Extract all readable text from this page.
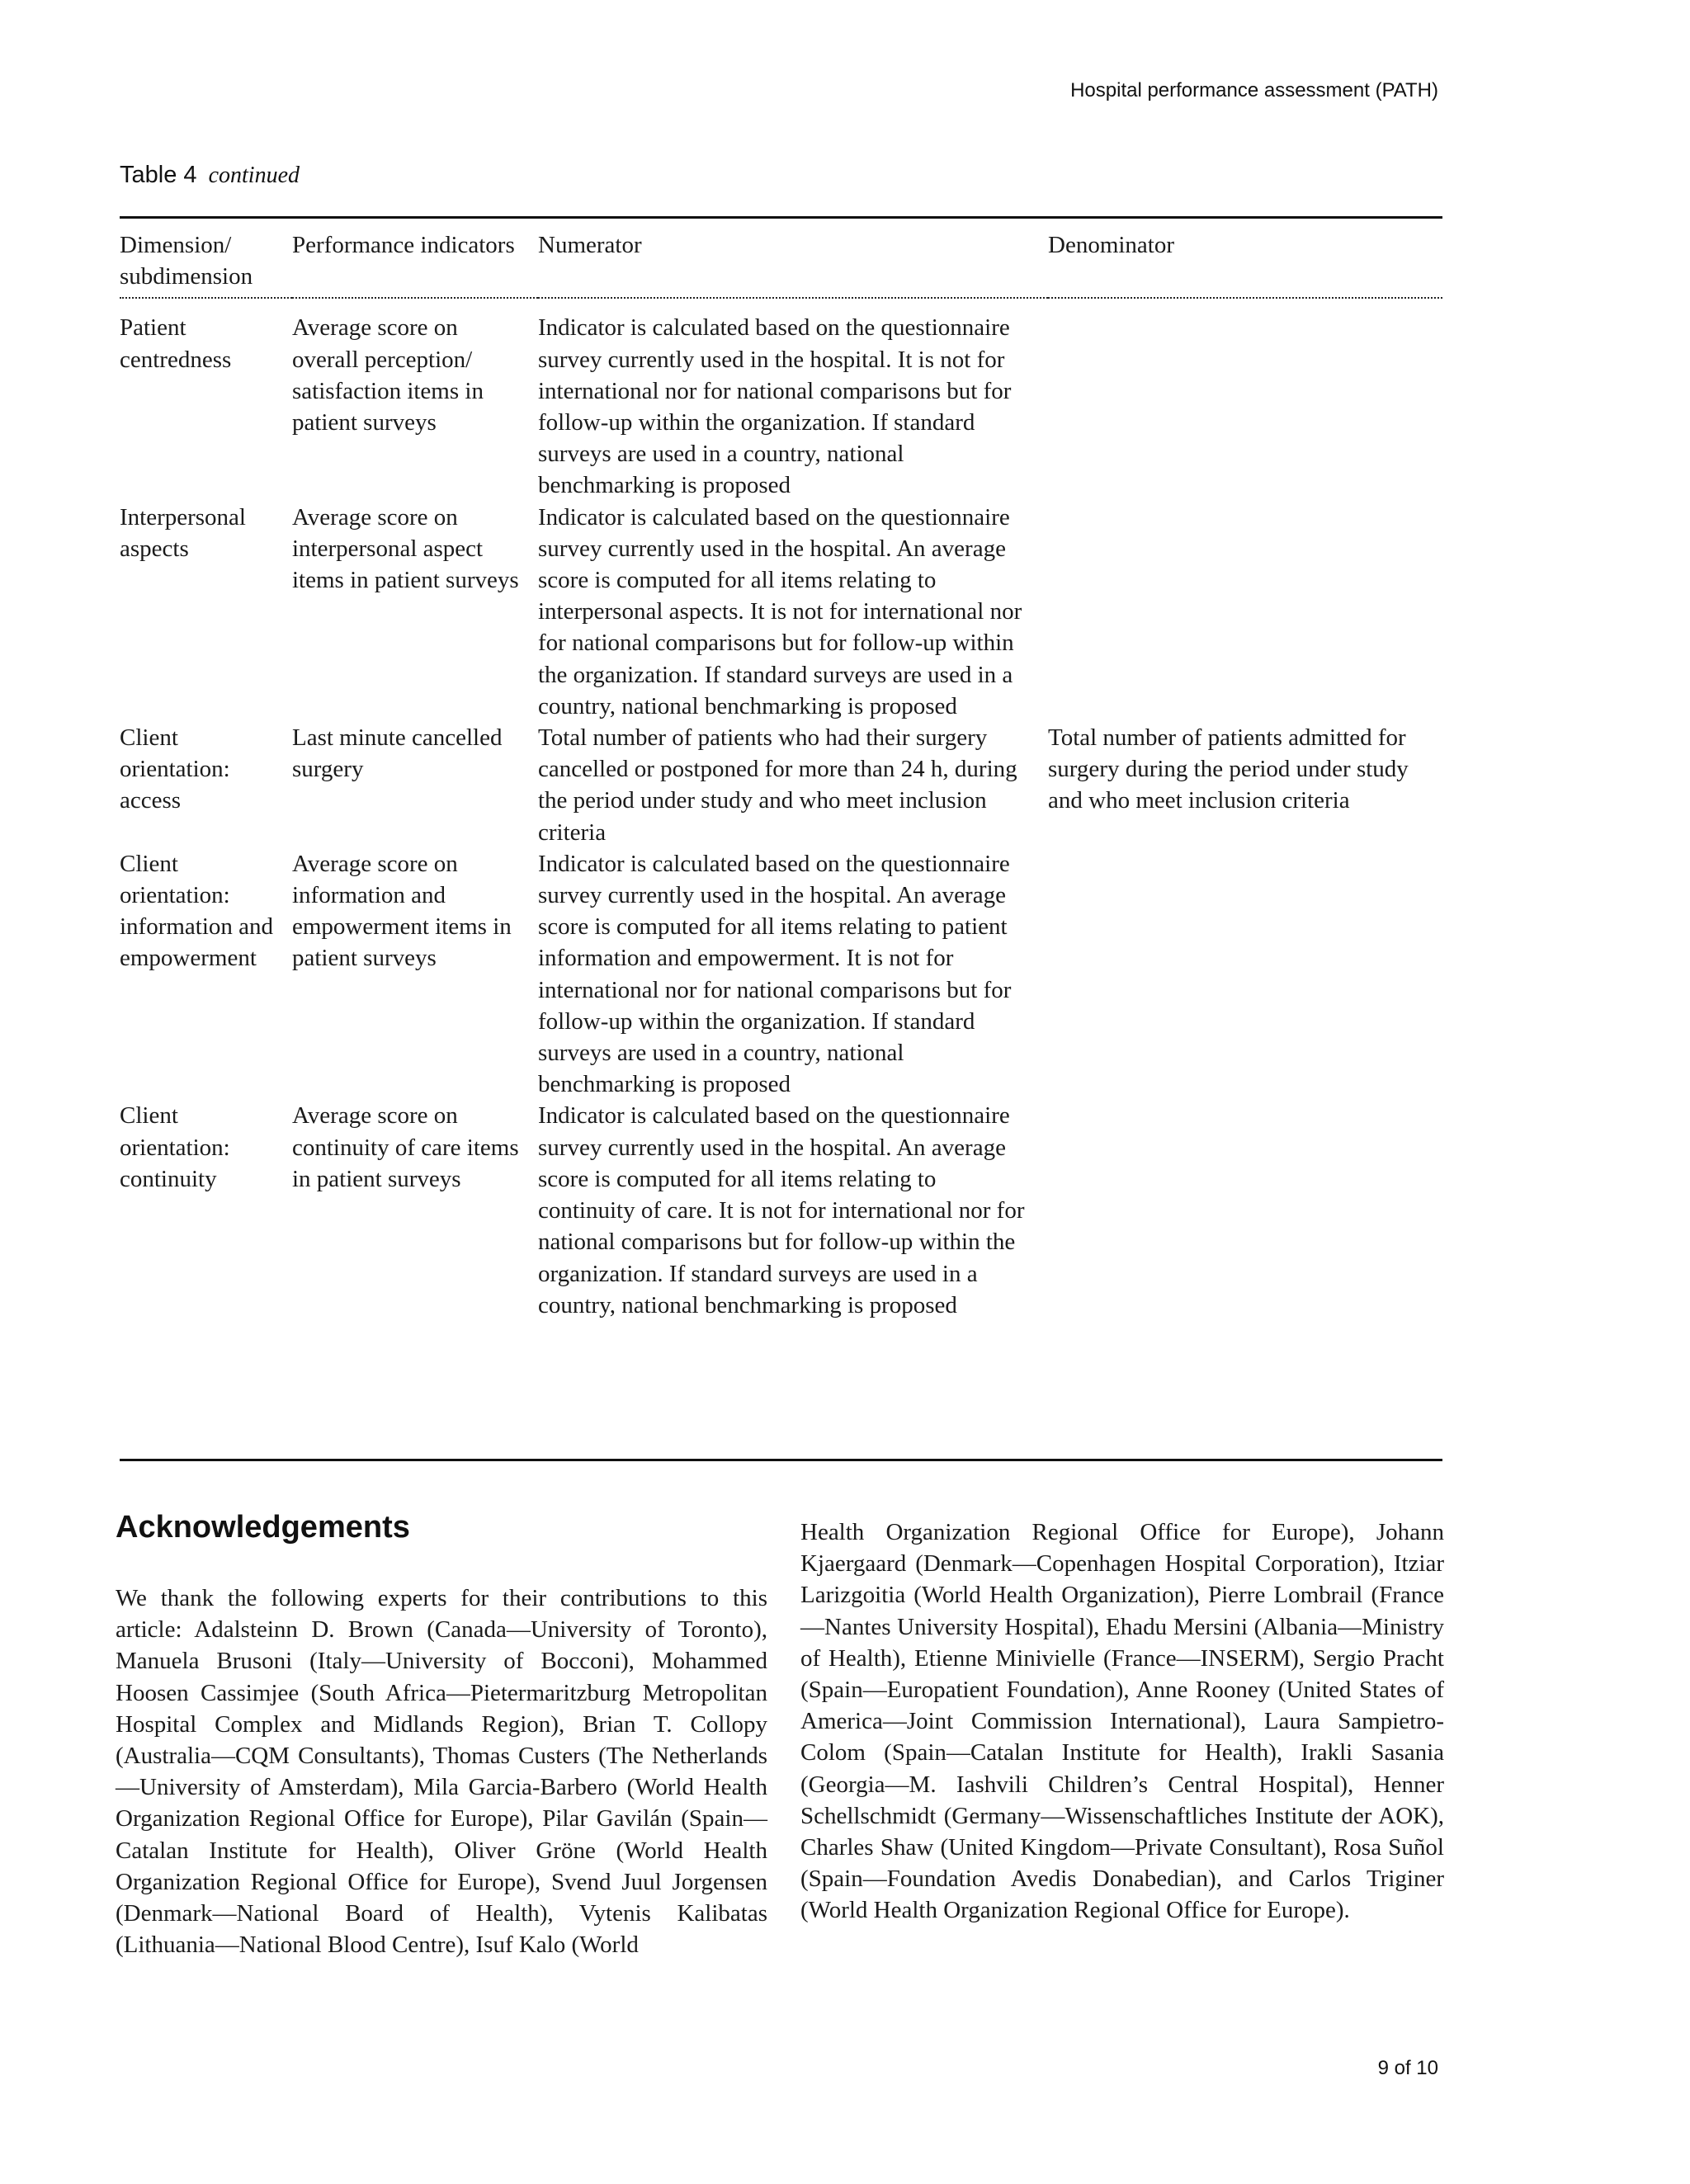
Hospital performance assessment (PATH)
Table 4 continued
Dimension/ subdimension	Performance indicators	Numerator	Denominator
Patient centredness	Average score on overall perception/ satisfaction items in patient surveys	Indicator is calculated based on the questionnaire survey currently used in the hospital. It is not for international nor for national comparisons but for follow-up within the organization. If standard surveys are used in a country, national benchmarking is proposed	
Interpersonal aspects	Average score on interpersonal aspect items in patient surveys	Indicator is calculated based on the questionnaire survey currently used in the hospital. An average score is computed for all items relating to interpersonal aspects. It is not for international nor for national comparisons but for follow-up within the organization. If standard surveys are used in a country, national benchmarking is proposed	
Client orientation: access	Last minute cancelled surgery	Total number of patients who had their surgery cancelled or postponed for more than 24 h, during the period under study and who meet inclusion criteria	Total number of patients admitted for surgery during the period under study and who meet inclusion criteria
Client orientation: information and empowerment	Average score on information and empowerment items in patient surveys	Indicator is calculated based on the questionnaire survey currently used in the hospital. An average score is computed for all items relating to patient information and empowerment. It is not for international nor for national comparisons but for follow-up within the organization. If standard surveys are used in a country, national benchmarking is proposed	
Client orientation: continuity	Average score on continuity of care items in patient surveys	Indicator is calculated based on the questionnaire survey currently used in the hospital. An average score is computed for all items relating to continuity of care. It is not for international nor for national comparisons but for follow-up within the organization. If standard surveys are used in a country, national benchmarking is proposed	
Acknowledgements
We thank the following experts for their contributions to this article: Adalsteinn D. Brown (Canada—University of Toronto), Manuela Brusoni (Italy—University of Bocconi), Mohammed Hoosen Cassimjee (South Africa—Pietermaritzburg Metropolitan Hospital Complex and Midlands Region), Brian T. Collopy (Australia—CQM Consultants), Thomas Custers (The Netherlands—University of Amsterdam), Mila Garcia-Barbero (World Health Organization Regional Office for Europe), Pilar Gavilán (Spain—Catalan Institute for Health), Oliver Gröne (World Health Organization Regional Office for Europe), Svend Juul Jorgensen (Denmark—National Board of Health), Vytenis Kalibatas (Lithuania—National Blood Centre), Isuf Kalo (World
Health Organization Regional Office for Europe), Johann Kjaergaard (Denmark—Copenhagen Hospital Corporation), Itziar Larizgoitia (World Health Organization), Pierre Lombrail (France—Nantes University Hospital), Ehadu Mersini (Albania—Ministry of Health), Etienne Minivielle (France—INSERM), Sergio Pracht (Spain—Europatient Foundation), Anne Rooney (United States of America—Joint Commission International), Laura Sampietro-Colom (Spain—Catalan Institute for Health), Irakli Sasania (Georgia—M. Iashvili Children’s Central Hospital), Henner Schellschmidt (Germany—Wissenschaftliches Institute der AOK), Charles Shaw (United Kingdom—Private Consultant), Rosa Suñol (Spain—Foundation Avedis Donabedian), and Carlos Triginer (World Health Organization Regional Office for Europe).
9 of 10
